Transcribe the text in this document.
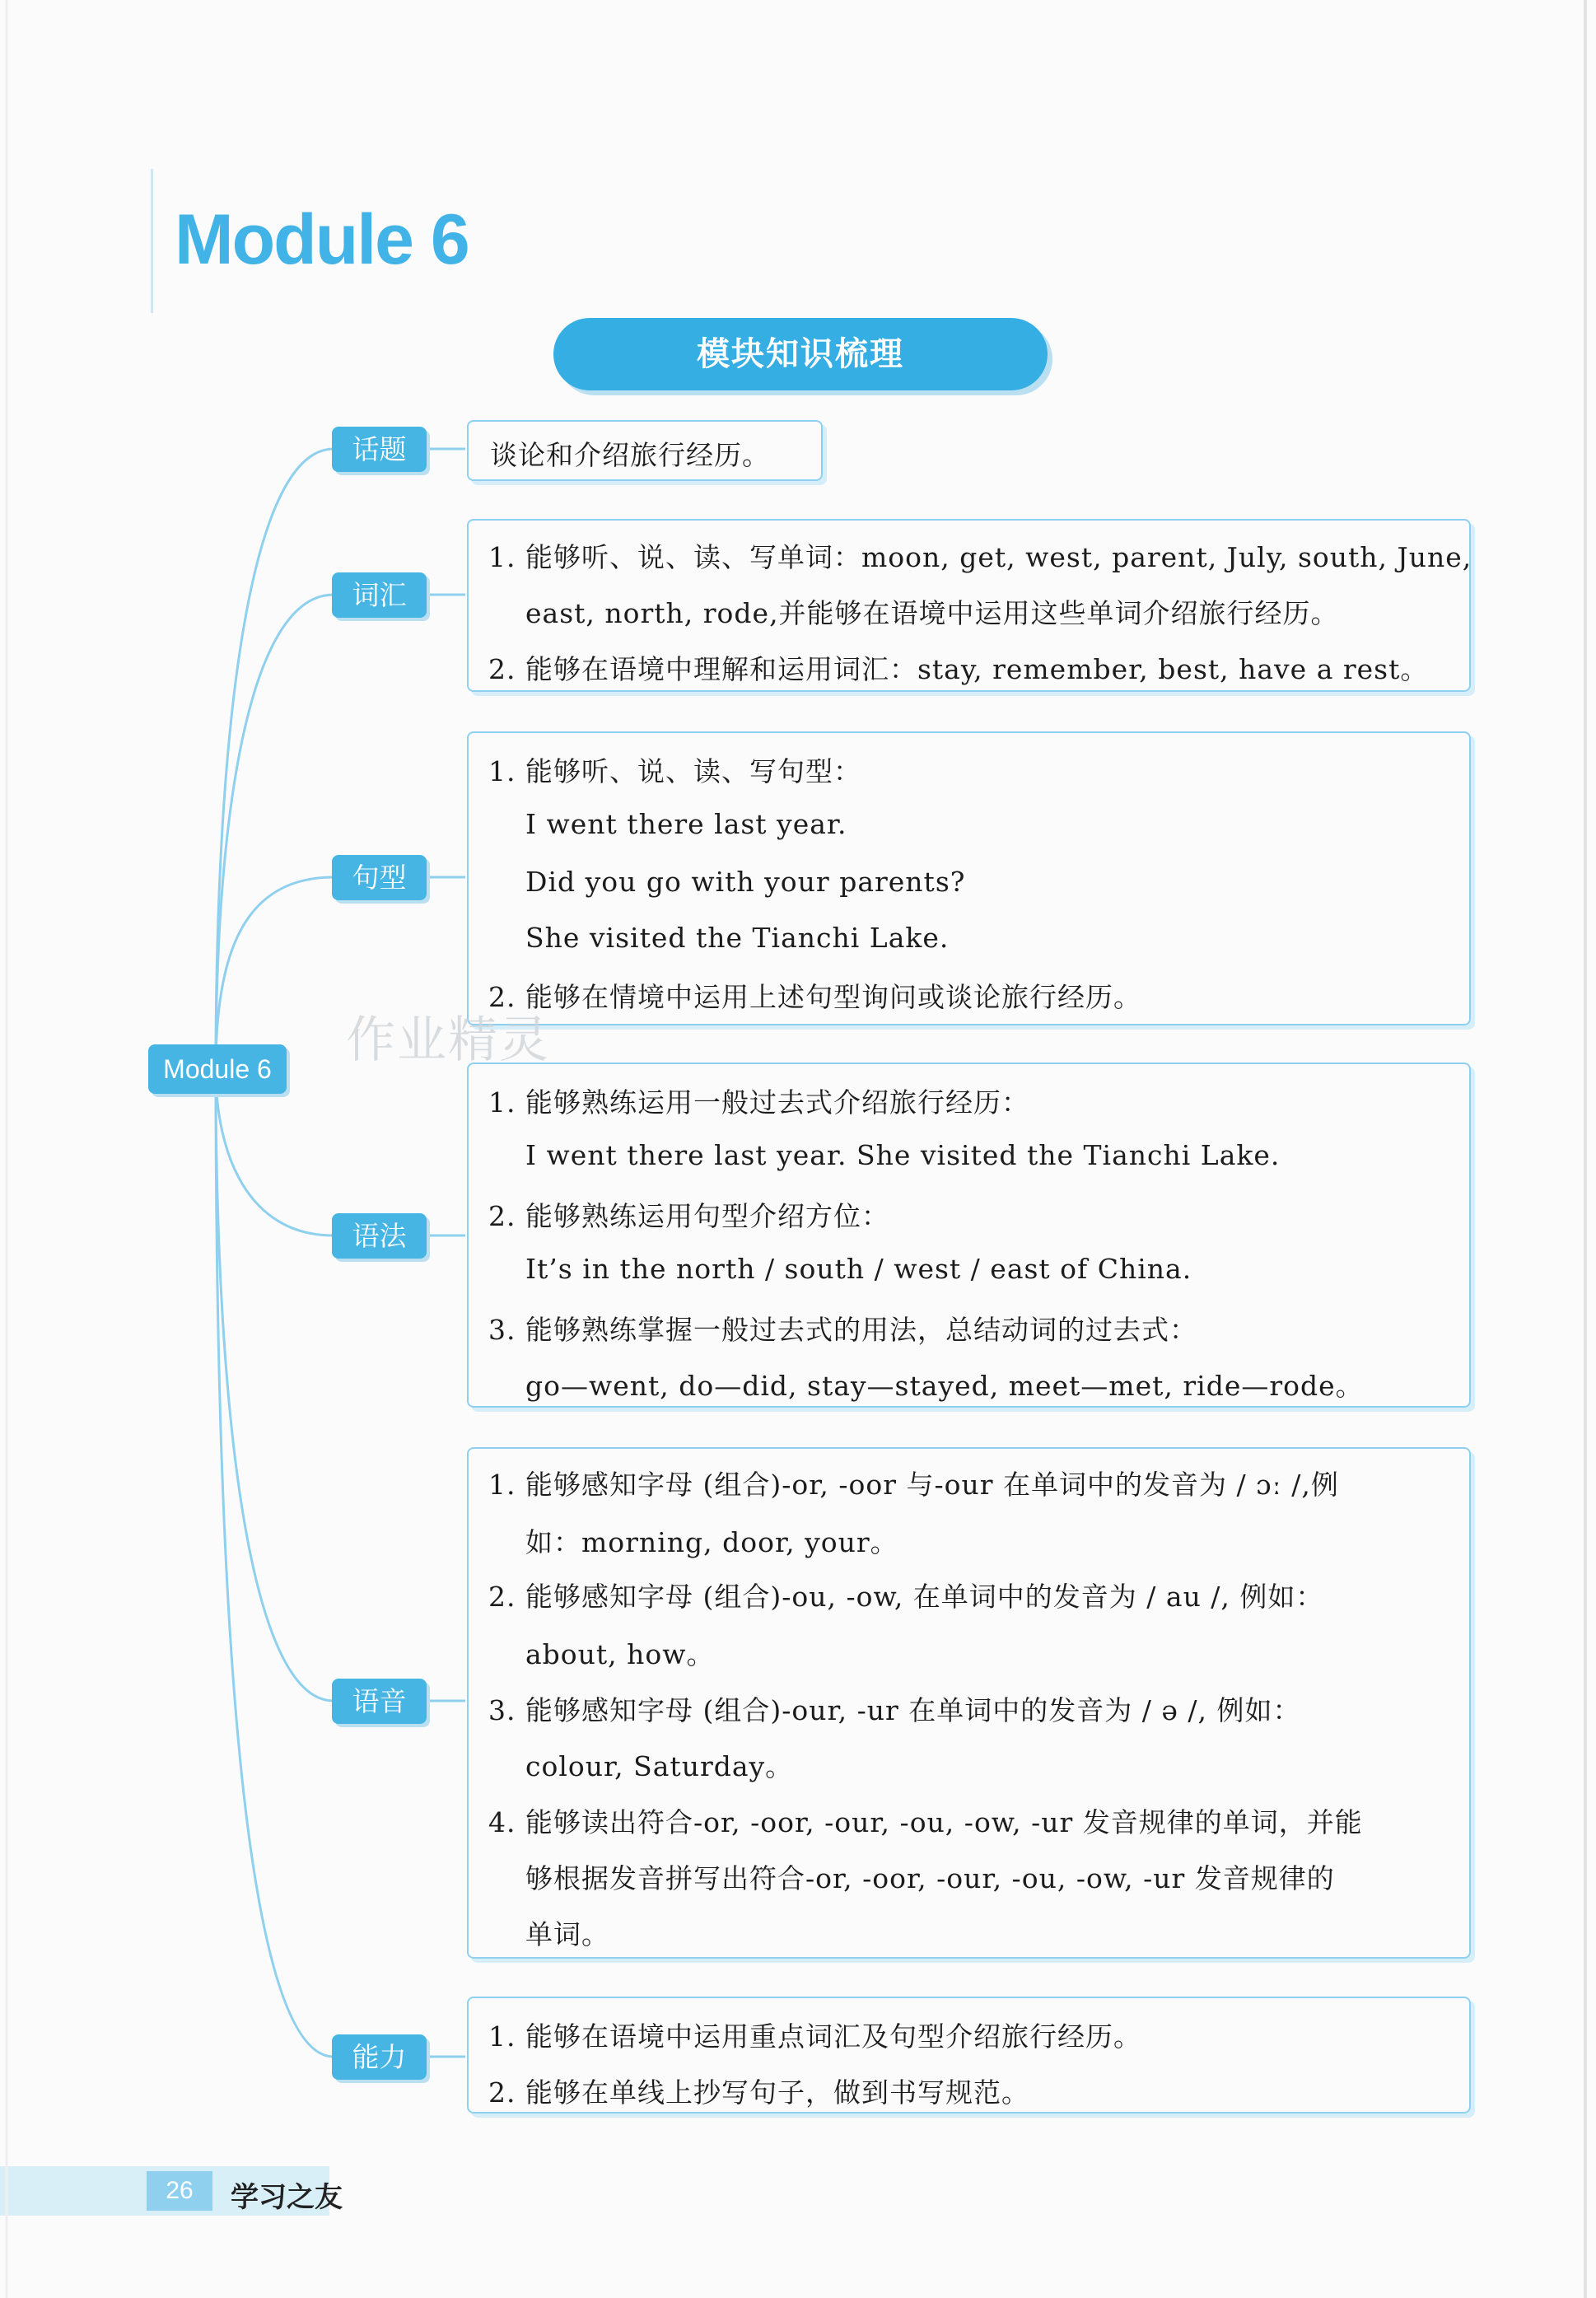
Module 6
模块知识梳理
Module 6
话题
词汇
句型
语法
语音
能力
谈论和介绍旅行经历。
1. 能够听、说、读、写单词：moon, get, west, parent, July, south, June,
east, north, rode,并能够在语境中运用这些单词介绍旅行经历。
2. 能够在语境中理解和运用词汇：stay, remember, best, have a rest。
1. 能够听、说、读、写句型：
I went there last year.
Did you go with your parents?
She visited the Tianchi Lake.
2. 能够在情境中运用上述句型询问或谈论旅行经历。
1. 能够熟练运用一般过去式介绍旅行经历：
I went there last year. She visited the Tianchi Lake.
2. 能够熟练运用句型介绍方位：
It’s in the north / south / west / east of China.
3. 能够熟练掌握一般过去式的用法，总结动词的过去式：
go—went, do—did, stay—stayed, meet—met, ride—rode。
1. 能够感知字母 (组合)-or, -oor 与-our 在单词中的发音为 / ɔː /,例
如：morning, door, your。
2. 能够感知字母 (组合)-ou, -ow, 在单词中的发音为 / au /, 例如：
about, how。
3. 能够感知字母 (组合)-our, -ur 在单词中的发音为 / ə /, 例如：
colour, Saturday。
4. 能够读出符合-or, -oor, -our, -ou, -ow, -ur 发音规律的单词，并能
够根据发音拼写出符合-or, -oor, -our, -ou, -ow, -ur 发音规律的
单词。
1. 能够在语境中运用重点词汇及句型介绍旅行经历。
2. 能够在单线上抄写句子，做到书写规范。
作业精灵
26	学习之友
